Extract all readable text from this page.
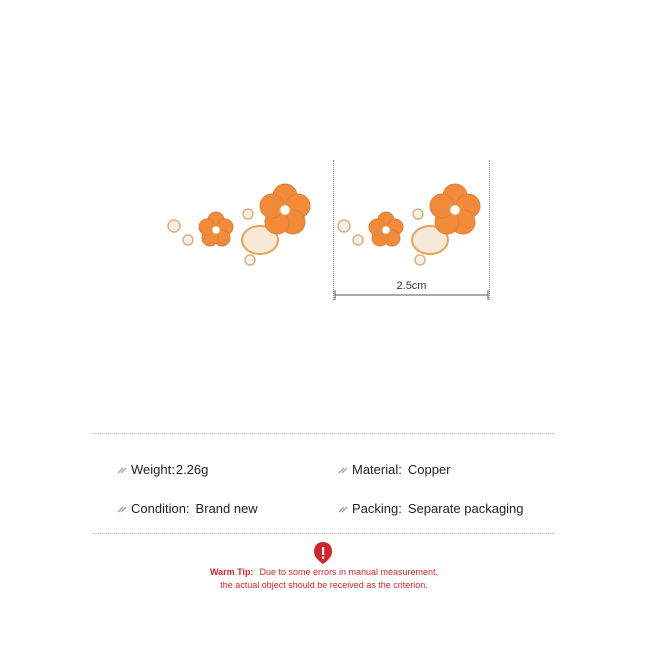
2.5cm
Weight: 2.26g	Material: Copper
Condition: Brand new	Packing: Separate packaging
Warm Tip: Due to some errors in manual measurement,
the actual object should be received as the criterion.
